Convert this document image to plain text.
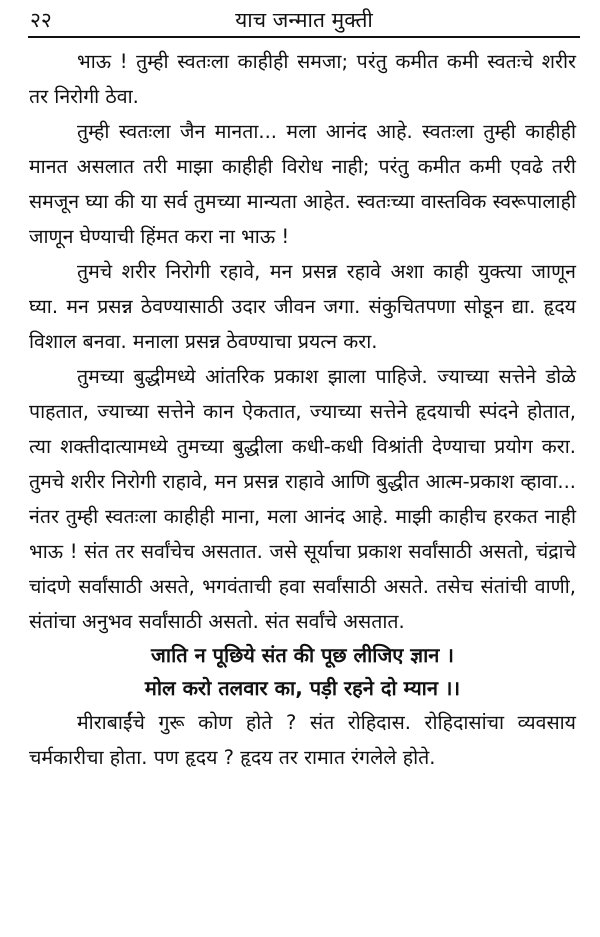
२२	याच जन्मात मुक्ती

भाऊ ! तुम्ही स्वतःला काहीही समजा; परंतु कमीत कमी स्वतःचे शरीर तर निरोगी ठेवा.

तुम्ही स्वतःला जैन मानता... मला आनंद आहे. स्वतःला तुम्ही काहीही मानत असलात तरी माझा काहीही विरोध नाही; परंतु कमीत कमी एवढे तरी समजून घ्या की या सर्व तुमच्या मान्यता आहेत. स्वतःच्या वास्तविक स्वरूपालाही जाणून घेण्याची हिंमत करा ना भाऊ !

तुमचे शरीर निरोगी रहावे, मन प्रसन्न रहावे अशा काही युक्त्या जाणून घ्या. मन प्रसन्न ठेवण्यासाठी उदार जीवन जगा. संकुचितपणा सोडून द्या. हृदय विशाल बनवा. मनाला प्रसन्न ठेवण्याचा प्रयत्न करा.

तुमच्या बुद्धीमध्ये आंतरिक प्रकाश झाला पाहिजे. ज्याच्या सत्तेने डोळे पाहतात, ज्याच्या सत्तेने कान ऐकतात, ज्याच्या सत्तेने हृदयाची स्पंदने होतात, त्या शक्तीदात्यामध्ये तुमच्या बुद्धीला कधी-कधी विश्रांती देण्याचा प्रयोग करा. तुमचे शरीर निरोगी राहावे, मन प्रसन्न राहावे आणि बुद्धीत आत्म-प्रकाश व्हावा... नंतर तुम्ही स्वतःला काहीही माना, मला आनंद आहे. माझी काहीच हरकत नाही भाऊ ! संत तर सर्वांचेच असतात. जसे सूर्याचा प्रकाश सर्वांसाठी असतो, चंद्राचे चांदणे सर्वांसाठी असते, भगवंताची हवा सर्वांसाठी असते. तसेच संतांची वाणी, संतांचा अनुभव सर्वांसाठी असतो. संत सर्वांचे असतात.

जाति न पूछिये संत की पूछ लीजिए ज्ञान ।

मोल करो तलवार का, पड़ी रहने दो म्यान ।।

मीराबाईंचे गुरू कोण होते ? संत रोहिदास. रोहिदासांचा व्यवसाय चर्मकारीचा होता. पण हृदय ? हृदय तर रामात रंगलेले होते.
